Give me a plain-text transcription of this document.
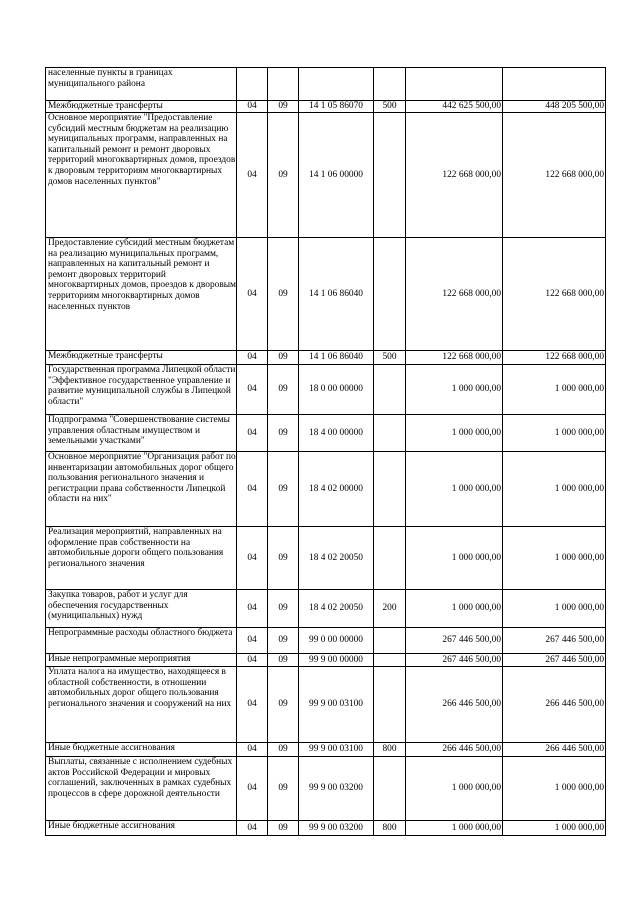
населенные пункты в границах муниципального района						
Межбюджетные трансферты	04	09	14 1 05 86070	500	442 625 500,00	448 205 500,00
Основное мероприятие "Предоставление субсидий местным бюджетам на реализацию муниципальных программ, направленных на капитальный ремонт и ремонт дворовых территорий многоквартирных домов, проездов к дворовым территориям многоквартирных домов населенных пунктов"	04	09	14 1 06 00000		122 668 000,00	122 668 000,00
Предоставление субсидий местным бюджетам на реализацию муниципальных программ, направленных на капитальный ремонт и ремонт дворовых территорий многоквартирных домов, проездов к дворовым территориям многоквартирных домов населенных пунктов	04	09	14 1 06 86040		122 668 000,00	122 668 000,00
Межбюджетные трансферты	04	09	14 1 06 86040	500	122 668 000,00	122 668 000,00
Государственная программа Липецкой области "Эффективное государственное управление и развитие муниципальной службы в Липецкой области"	04	09	18 0 00 00000		1 000 000,00	1 000 000,00
Подпрограмма "Совершенствование системы управления областным имуществом и земельными участками"	04	09	18 4 00 00000		1 000 000,00	1 000 000,00
Основное мероприятие "Организация работ по инвентаризации автомобильных дорог общего пользования регионального значения и регистрации права собственности Липецкой области на них"	04	09	18 4 02 00000		1 000 000,00	1 000 000,00
Реализация мероприятий, направленных на оформление прав собственности на автомобильные дороги общего пользования регионального значения	04	09	18 4 02 20050		1 000 000,00	1 000 000,00
Закупка товаров, работ и услуг для обеспечения государственных (муниципальных) нужд	04	09	18 4 02 20050	200	1 000 000,00	1 000 000,00
Непрограммные расходы областного бюджета	04	09	99 0 00 00000		267 446 500,00	267 446 500,00
Иные непрограммные мероприятия	04	09	99 9 00 00000		267 446 500,00	267 446 500,00
Уплата налога на имущество, находящееся в областной собственности, в отношении автомобильных дорог общего пользования регионального значения и сооружений на них	04	09	99 9 00 03100		266 446 500,00	266 446 500,00
Иные бюджетные ассигнования	04	09	99 9 00 03100	800	266 446 500,00	266 446 500,00
Выплаты, связанные с исполнением судебных актов Российской Федерации и мировых соглашений, заключенных в рамках судебных процессов в сфере дорожной деятельности	04	09	99 9 00 03200		1 000 000,00	1 000 000,00
Иные бюджетные ассигнования	04	09	99 9 00 03200	800	1 000 000,00	1 000 000,00
